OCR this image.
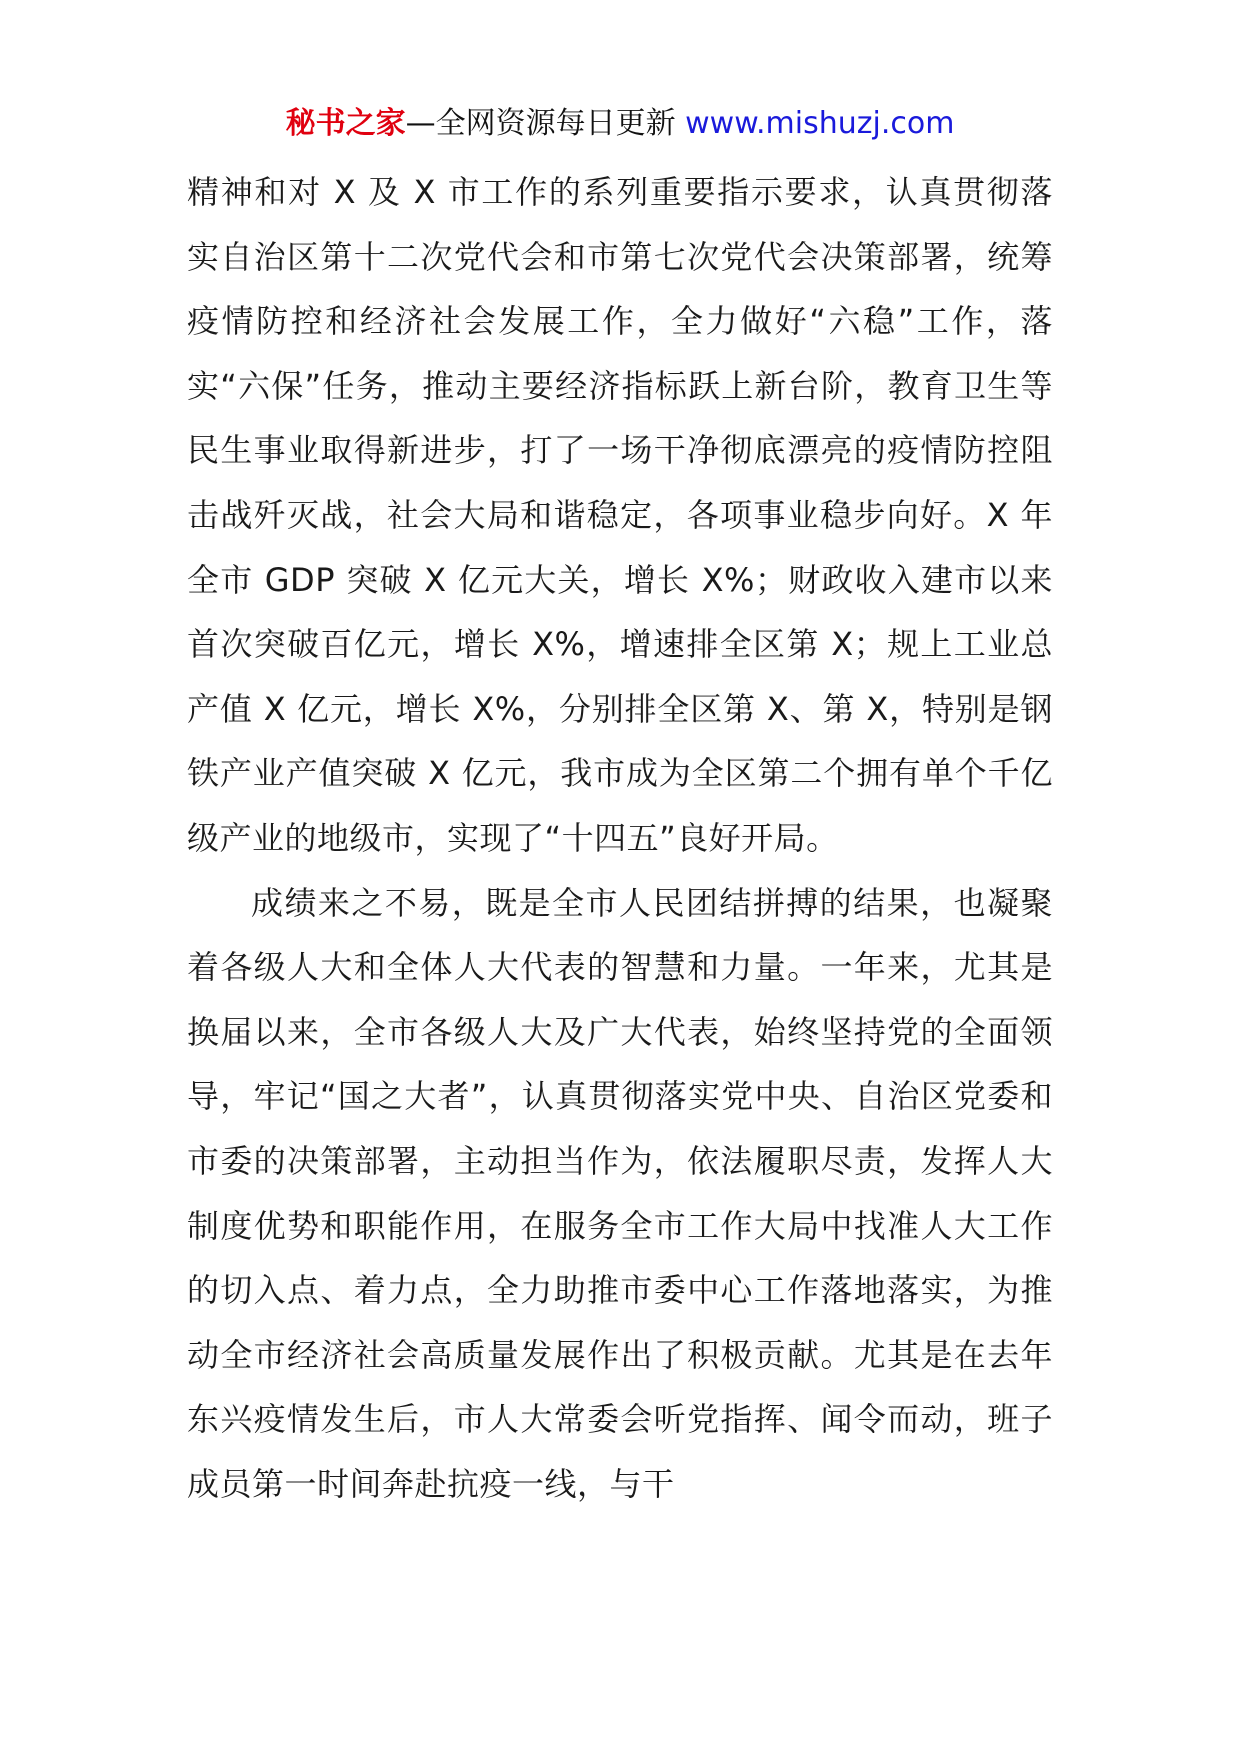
秘书之家—全网资源每日更新 www.mishuzj.com

精神和对 X 及 X 市工作的系列重要指示要求，认真贯彻落实自治区第十二次党代会和市第七次党代会决策部署，统筹疫情防控和经济社会发展工作，全力做好“六稳”工作，落实“六保”任务，推动主要经济指标跃上新台阶，教育卫生等民生事业取得新进步，打了一场干净彻底漂亮的疫情防控阻击战歼灭战，社会大局和谐稳定，各项事业稳步向好。X 年全市 GDP 突破 X 亿元大关，增长 X%；财政收入建市以来首次突破百亿元，增长 X%，增速排全区第 X；规上工业总产值 X 亿元，增长 X%，分别排全区第 X、第 X，特别是钢铁产业产值突破 X 亿元，我市成为全区第二个拥有单个千亿级产业的地级市，实现了“十四五”良好开局。

成绩来之不易，既是全市人民团结拼搏的结果，也凝聚着各级人大和全体人大代表的智慧和力量。一年来，尤其是换届以来，全市各级人大及广大代表，始终坚持党的全面领导，牢记“国之大者”，认真贯彻落实党中央、自治区党委和市委的决策部署，主动担当作为，依法履职尽责，发挥人大制度优势和职能作用，在服务全市工作大局中找准人大工作的切入点、着力点，全力助推市委中心工作落地落实，为推动全市经济社会高质量发展作出了积极贡献。尤其是在去年东兴疫情发生后，市人大常委会听党指挥、闻令而动，班子成员第一时间奔赴抗疫一线，与干
